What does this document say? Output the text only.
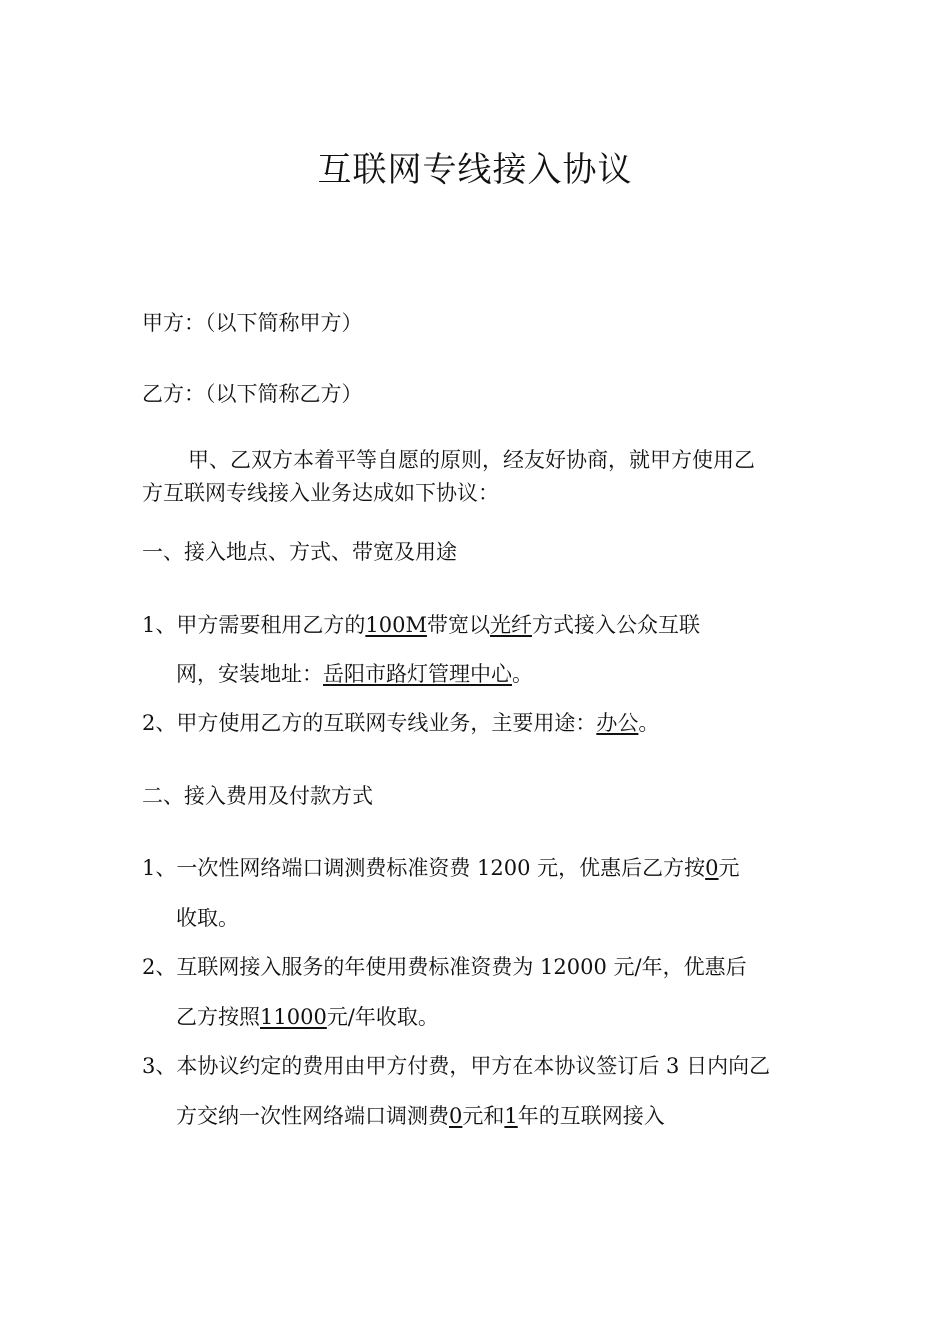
互联网专线接入协议
甲方：（以下简称甲方）
乙方：（以下简称乙方）
甲、乙双方本着平等自愿的原则，经友好协商，就甲方使用乙
方互联网专线接入业务达成如下协议：
一、接入地点、方式、带宽及用途
1、甲方需要租用乙方的100M带宽以光纤方式接入公众互联
网，安装地址：岳阳市路灯管理中心。
2、甲方使用乙方的互联网专线业务，主要用途：办公。
二、接入费用及付款方式
1、一次性网络端口调测费标准资费 1200 元，优惠后乙方按0元
收取。
2、互联网接入服务的年使用费标准资费为 12000 元/年，优惠后
乙方按照11000元/年收取。
3、本协议约定的费用由甲方付费，甲方在本协议签订后 3 日内向乙
方交纳一次性网络端口调测费0元和1年的互联网接入
